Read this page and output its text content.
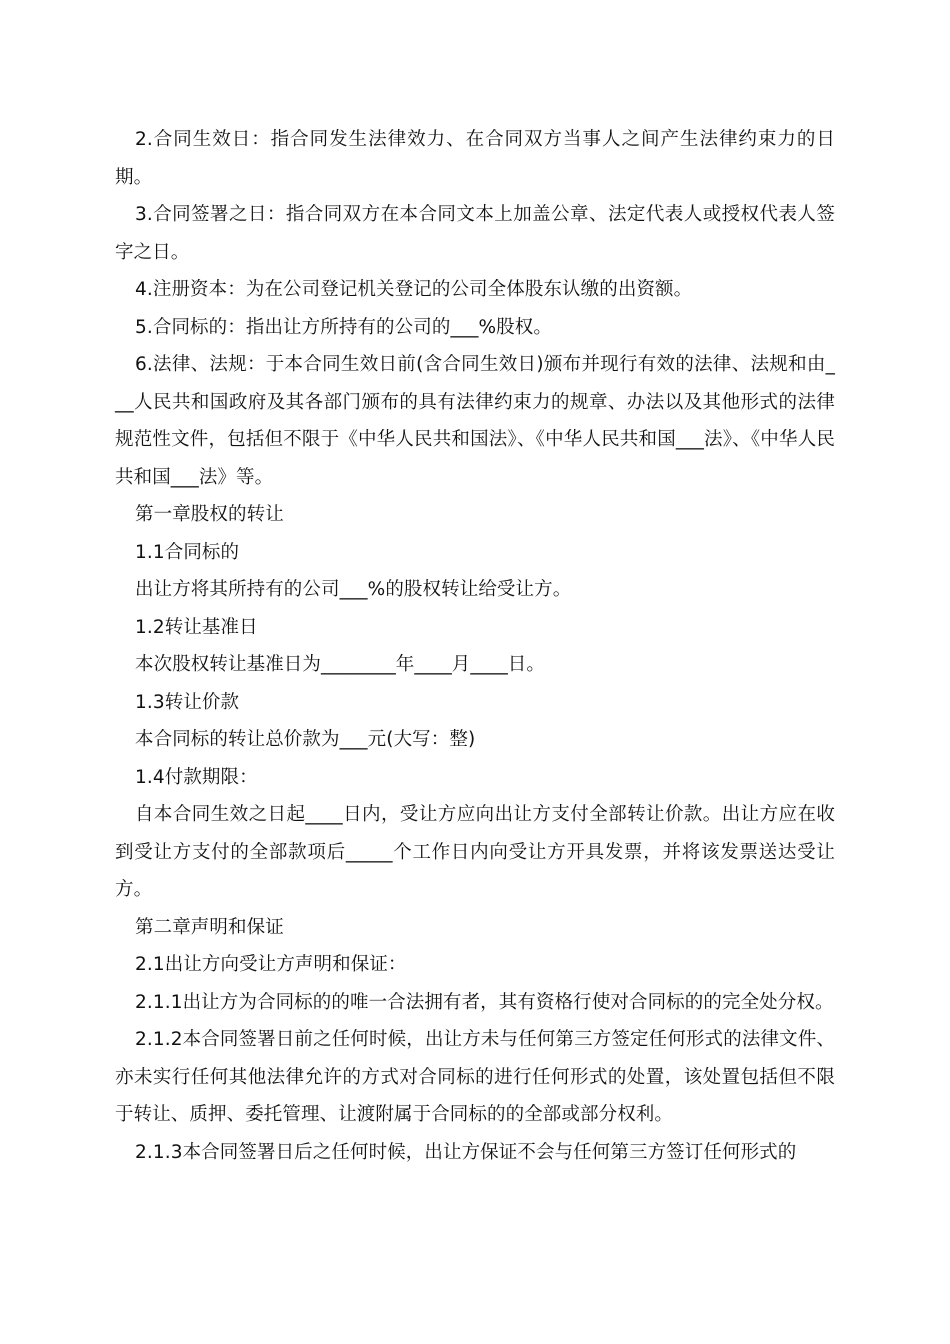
2.合同生效日：指合同发生法律效力、在合同双方当事人之间产生法律约束力的日期。

3.合同签署之日：指合同双方在本合同文本上加盖公章、法定代表人或授权代表人签字之日。

4.注册资本：为在公司登记机关登记的公司全体股东认缴的出资额。

5.合同标的：指出让方所持有的公司的___%股权。

6.法律、法规：于本合同生效日前(含合同生效日)颁布并现行有效的法律、法规和由___人民共和国政府及其各部门颁布的具有法律约束力的规章、办法以及其他形式的法律规范性文件，包括但不限于《中华人民共和国法》、《中华人民共和国___法》、《中华人民共和国___法》等。

第一章股权的转让

1.1合同标的

出让方将其所持有的公司___%的股权转让给受让方。

1.2转让基准日

本次股权转让基准日为________年____月____日。

1.3转让价款

本合同标的转让总价款为___元(大写：整)

1.4付款期限：

自本合同生效之日起____日内，受让方应向出让方支付全部转让价款。出让方应在收到受让方支付的全部款项后_____个工作日内向受让方开具发票，并将该发票送达受让方。

第二章声明和保证

2.1出让方向受让方声明和保证：

2.1.1出让方为合同标的的唯一合法拥有者，其有资格行使对合同标的的完全处分权。

2.1.2本合同签署日前之任何时候，出让方未与任何第三方签定任何形式的法律文件、亦未实行任何其他法律允许的方式对合同标的进行任何形式的处置，该处置包括但不限于转让、质押、委托管理、让渡附属于合同标的的全部或部分权利。

2.1.3本合同签署日后之任何时候，出让方保证不会与任何第三方签订任何形式的
